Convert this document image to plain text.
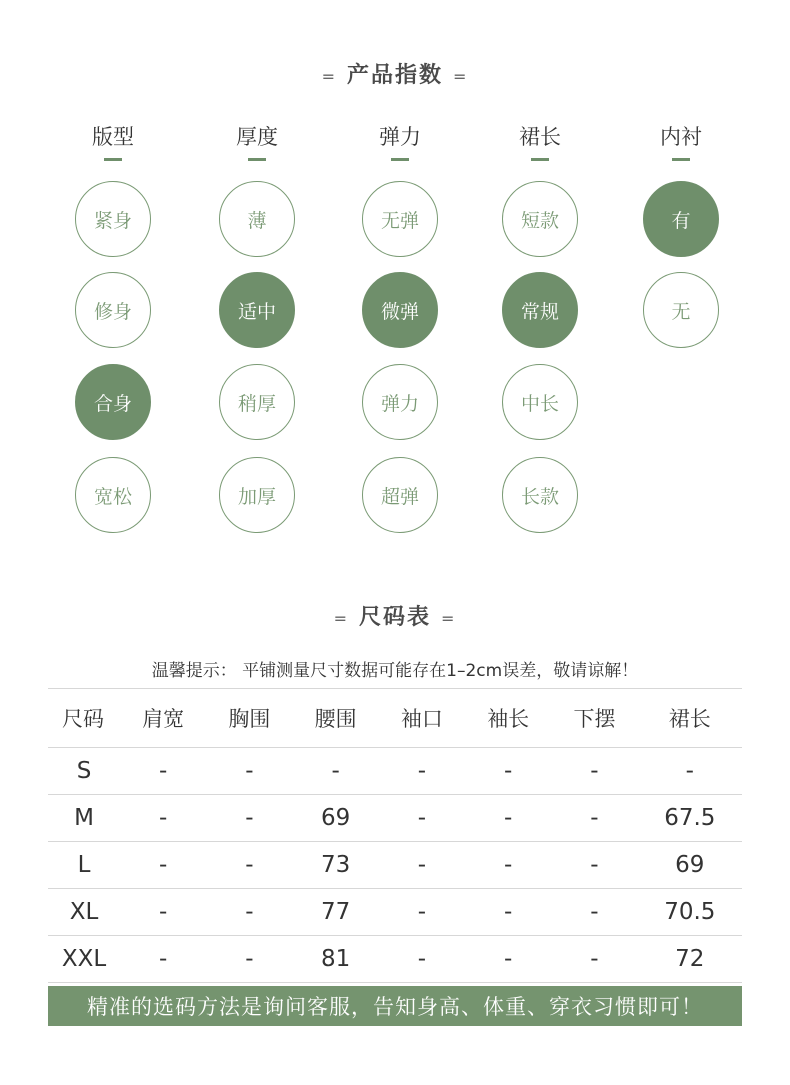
= 产品指数 =
版型
紧身
修身
合身
宽松
厚度
薄
适中
稍厚
加厚
弹力
无弹
微弹
弹力
超弹
裙长
短款
常规
中长
长款
内衬
有
无
= 尺码表 =
温馨提示： 平铺测量尺寸数据可能存在1–2cm误差，敬请谅解！
尺码	肩宽	胸围	腰围	袖口	袖长	下摆	裙长
S	-	-	-	-	-	-	-
M	-	-	69	-	-	-	67.5
L	-	-	73	-	-	-	69
XL	-	-	77	-	-	-	70.5
XXL	-	-	81	-	-	-	72
精准的选码方法是询问客服，告知身高、体重、穿衣习惯即可！
